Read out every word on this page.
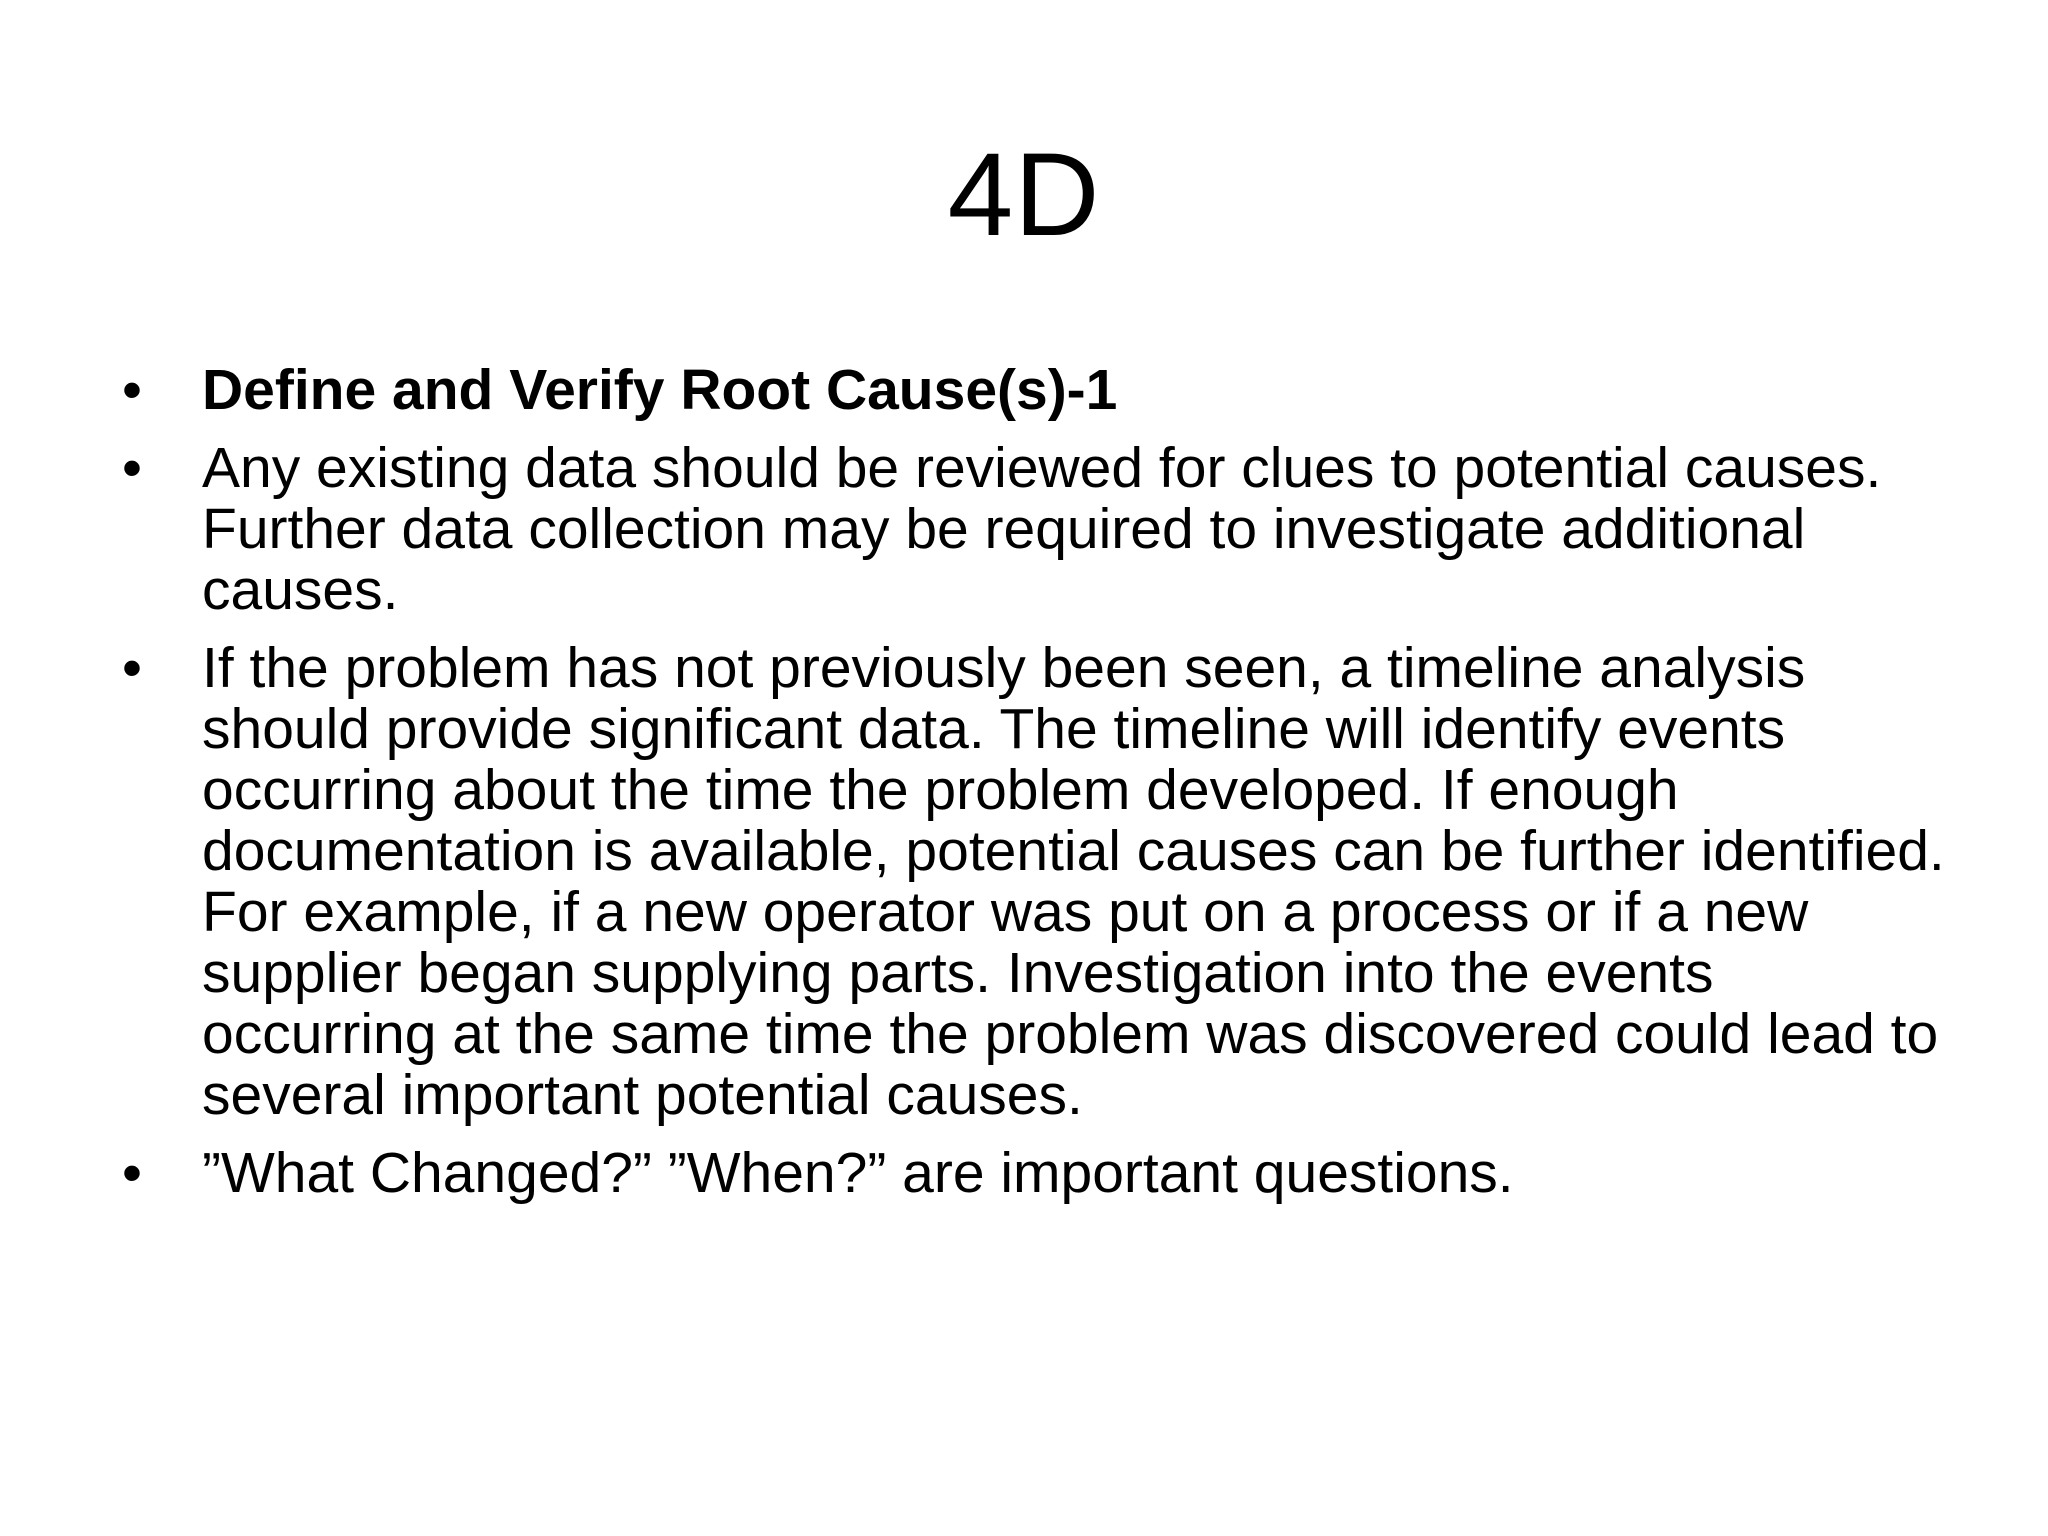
4D
•	Define and Verify Root Cause(s)-1
•	Any existing data should be reviewed for clues to potential causes. Further data collection may be required to investigate additional causes.
•	If the problem has not previously been seen, a timeline analysis should provide significant data. The timeline will identify events occurring about the time the problem developed. If enough documentation is available, potential causes can be further identified. For example, if a new operator was put on a process or if a new supplier began supplying parts. Investigation into the events occurring at the same time the problem was discovered could lead to several important potential causes.
•	”What Changed?” ”When?” are important questions.
